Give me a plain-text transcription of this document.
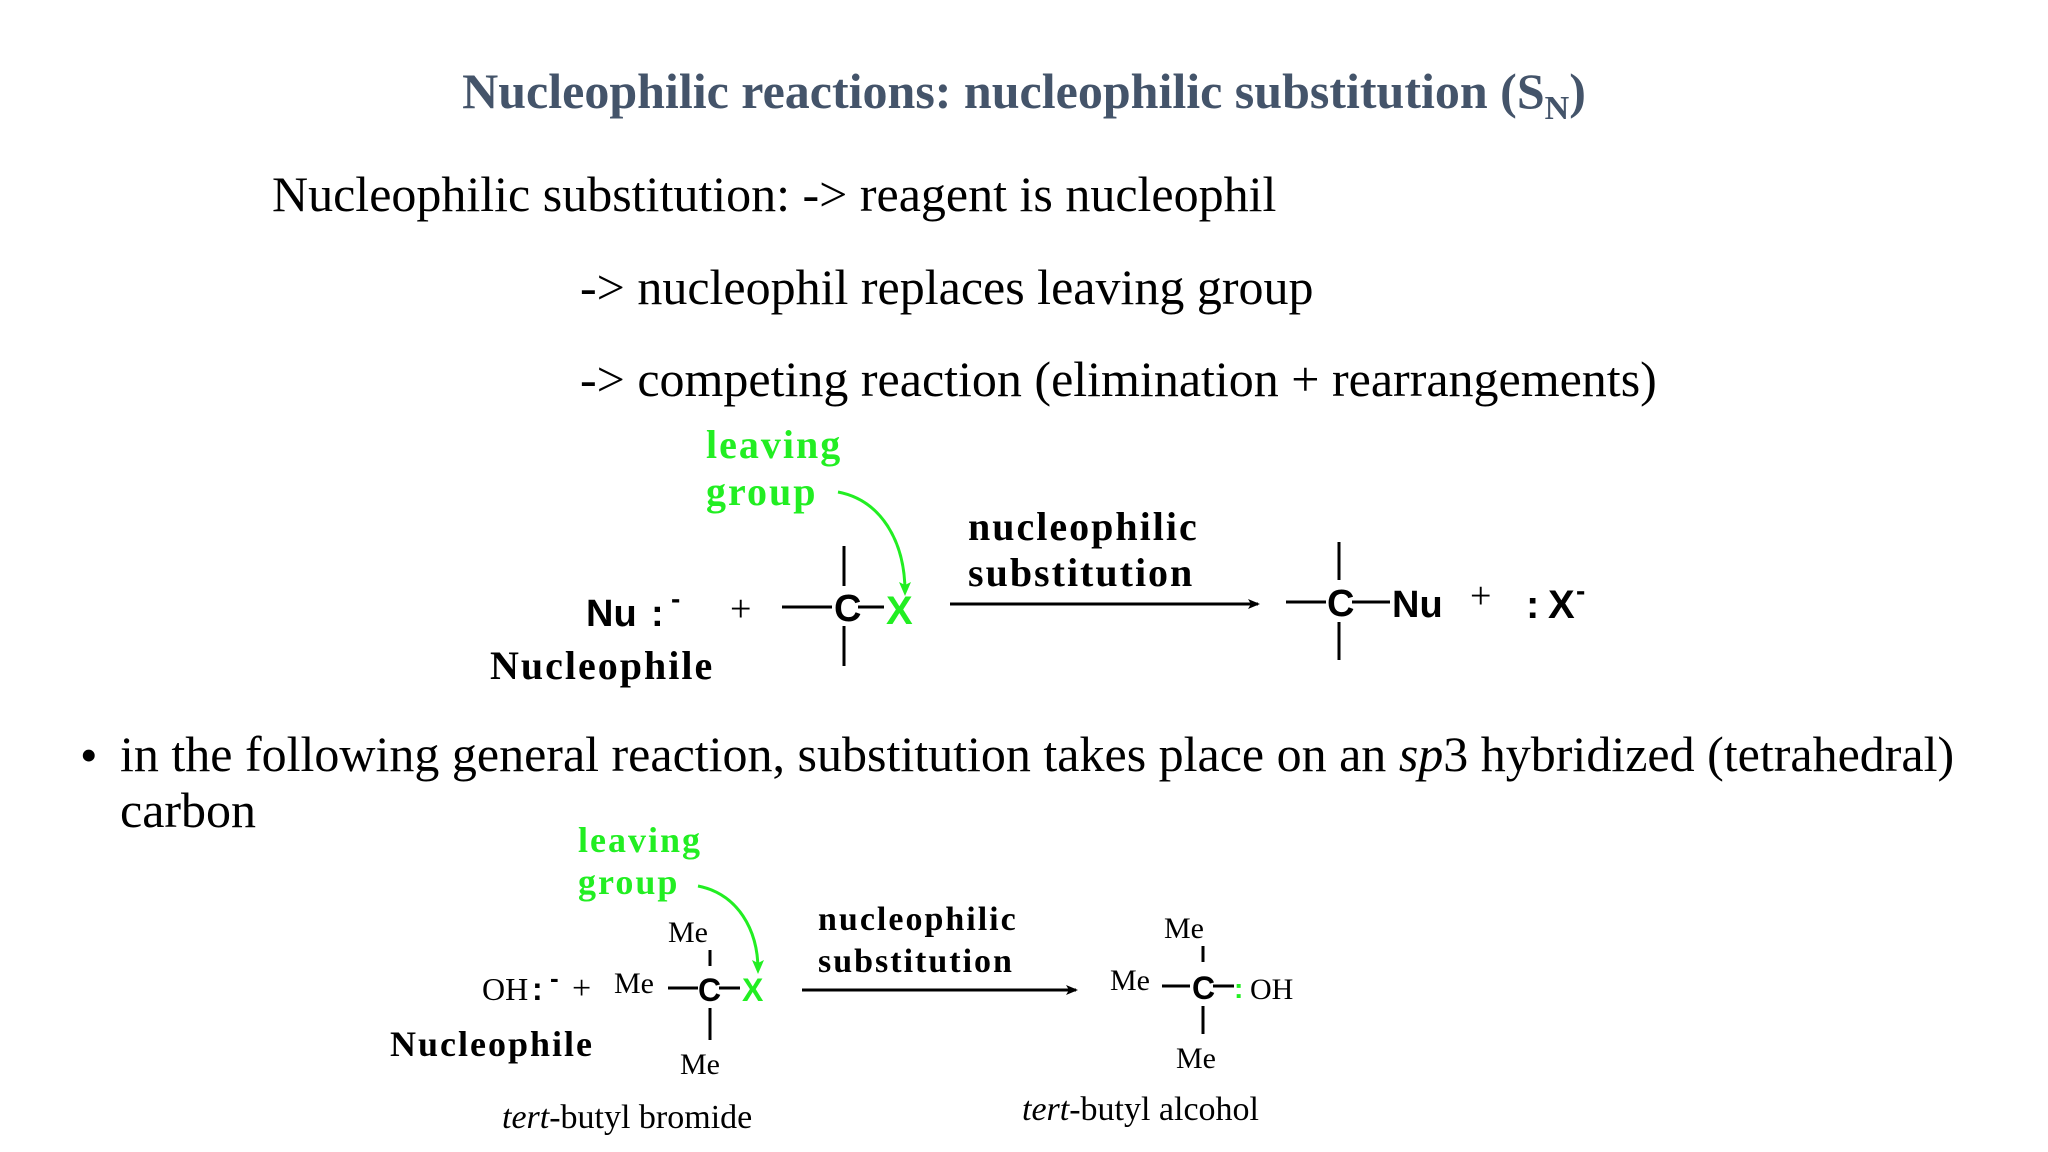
Nucleophilic reactions: nucleophilic substitution $(S_N)$
Nucleophilic substitution: -> reagent is nucleophil
-> nucleophil replaces leaving group
-> competing reaction (elimination + rearrangements)
• in the following general reaction, substitution takes place on an sp3 hybridized (tetrahedral) carbon
leaving
group
Nu : - +
Nucleophile
C X
nucleophilic
substitution
C Nu + : X -
leaving
group
OH : - +
Nucleophile
Me
Me C X
Me
tert-butyl bromide
nucleophilic
substitution
Me
Me C : OH
Me
tert-butyl alcohol
